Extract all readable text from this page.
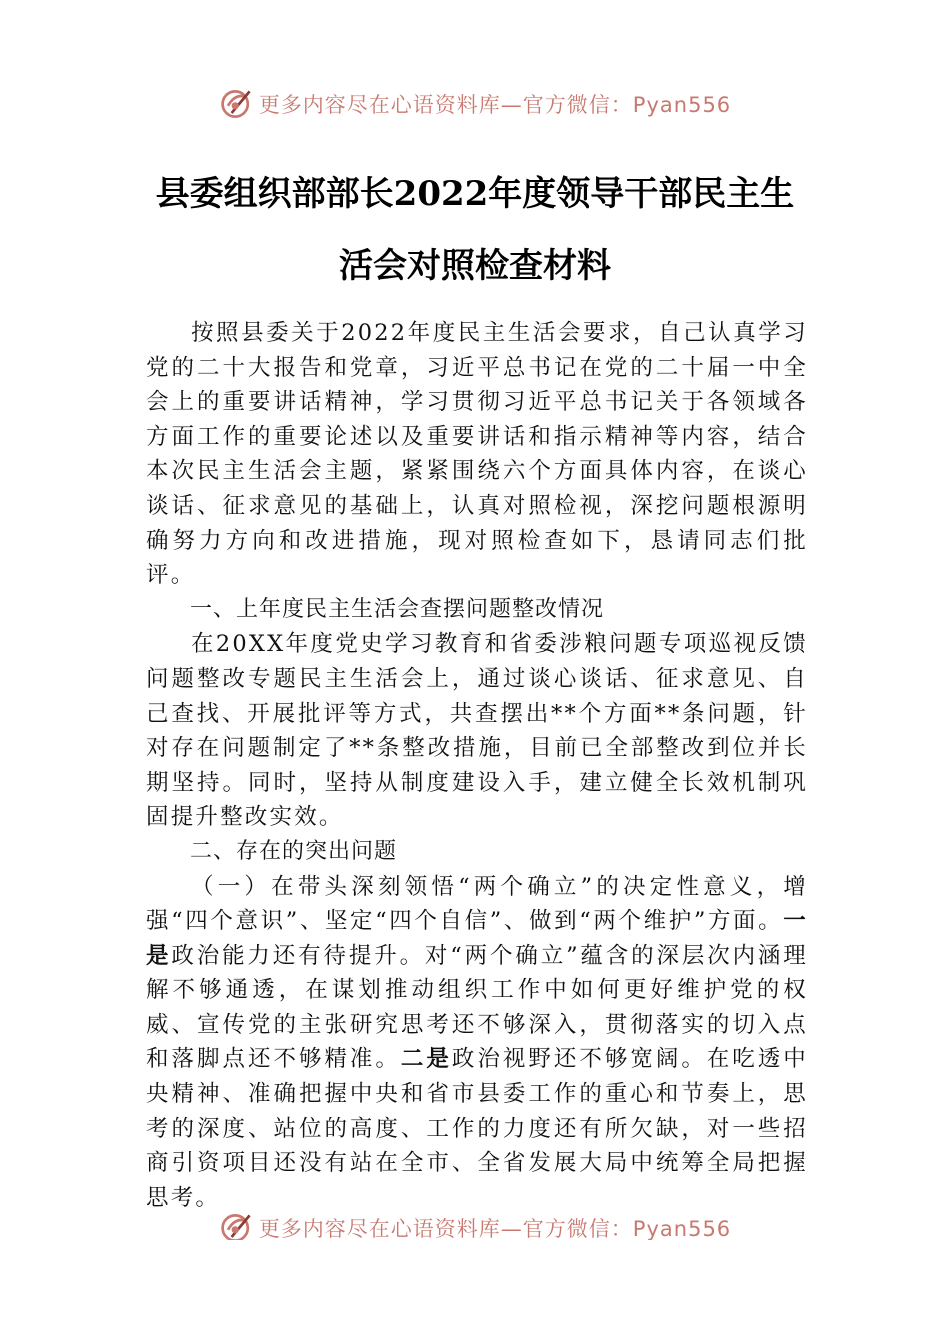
更多内容尽在心语资料库—官方微信：Pyan556
县委组织部部长2022年度领导干部民主生
活会对照检查材料

按照县委关于2022年度民主生活会要求，自己认真学习党的二十大报告和党章，习近平总书记在党的二十届一中全会上的重要讲话精神，学习贯彻习近平总书记关于各领域各方面工作的重要论述以及重要讲话和指示精神等内容，结合本次民主生活会主题，紧紧围绕六个方面具体内容，在谈心谈话、征求意见的基础上，认真对照检视，深挖问题根源明确努力方向和改进措施，现对照检查如下，恳请同志们批评。

一、上年度民主生活会查摆问题整改情况

在20XX年度党史学习教育和省委涉粮问题专项巡视反馈问题整改专题民主生活会上，通过谈心谈话、征求意见、自己查找、开展批评等方式，共查摆出**个方面**条问题，针对存在问题制定了**条整改措施，目前已全部整改到位并长期坚持。同时，坚持从制度建设入手，建立健全长效机制巩固提升整改实效。

二、存在的突出问题

（一）在带头深刻领悟“两个确立”的决定性意义，增强“四个意识”、坚定“四个自信”、做到“两个维护”方面。一是政治能力还有待提升。对“两个确立”蕴含的深层次内涵理解不够通透，在谋划推动组织工作中如何更好维护党的权威、宣传党的主张研究思考还不够深入，贯彻落实的切入点和落脚点还不够精准。二是政治视野还不够宽阔。在吃透中央精神、准确把握中央和省市县委工作的重心和节奏上，思考的深度、站位的高度、工作的力度还有所欠缺，对一些招商引资项目还没有站在全市、全省发展大局中统筹全局把握思考。

更多内容尽在心语资料库—官方微信：Pyan556
